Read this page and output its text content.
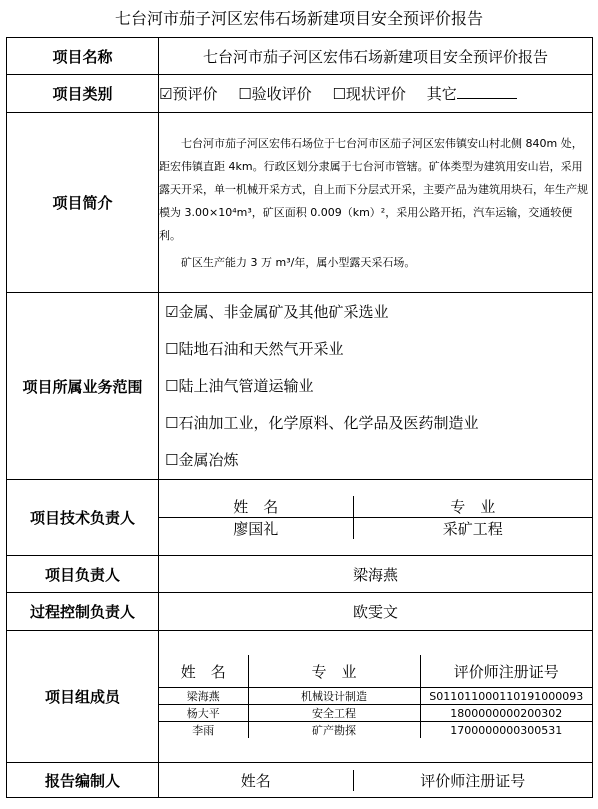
七台河市茄子河区宏伟石场新建项目安全预评价报告
项目名称	七台河市茄子河区宏伟石场新建项目安全预评价报告
项目类别	☑预评价 ☐验收评价 ☐现状评价 其它
项目简介	

七台河市茄子河区宏伟石场位于七台河市区茄子河区宏伟镇安山村北侧 840m 处，距宏伟镇直距 4km。行政区划分隶属于七台河市管辖。矿体类型为建筑用安山岩，采用露天开采，单一机械开采方式，自上而下分层式开采，主要产品为建筑用块石，年生产规模为 3.00×10⁴m³，矿区面积 0.009（km）²，采用公路开拓，汽车运输，交通较便利。

矿区生产能力 3 万 m³/年，属小型露天采石场。

项目所属业务范围	
☑金属、非金属矿及其他矿采选业
☐陆地石油和天然气开采业
☐陆上油气管道运输业
☐石油加工业，化学原料、化学品及医药制造业
☐金属冶炼

项目技术负责人	
姓　名	专　业
廖国礼	采矿工程

项目负责人	梁海燕
过程控制负责人	欧雯文
项目组成员	
姓　名	专　业	评价师注册证号
梁海燕	机械设计制造	S011011000110191000093
杨大平	安全工程	1800000000200302
李雨	矿产勘探	1700000000300531

报告编制人		姓名	评价师注册证号
